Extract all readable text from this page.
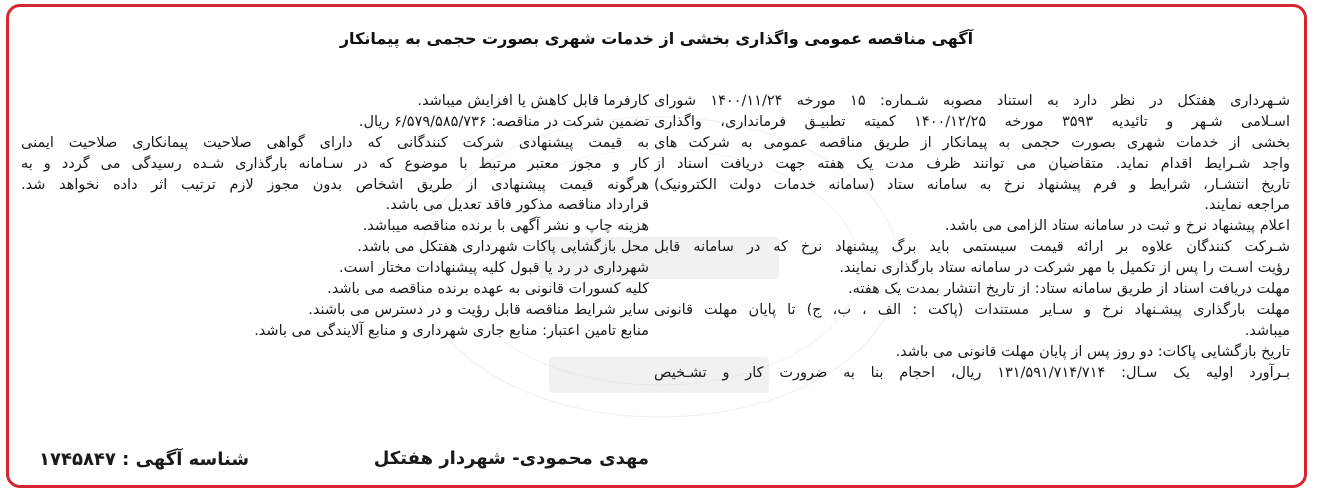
آگهی مناقصه عمومی واگذاری بخشی از خدمات شهری بصورت حجمی به پیمانکار
شـهرداری هفتکل در نظر دارد به استناد مصوبه شـماره: ۱۵ مورخه ۱۴۰۰/۱۱/۲۴ شورای
اسـلامی شـهر و تائیدیه ۳۵۹۳ مورخه ۱۴۰۰/۱۲/۲۵ کمیته تطبیـق فرمانداری، واگذاری
بخشی از خدمات شهری بصورت حجمی به پیمانکار از طریق مناقصه عمومی به شرکت های
واجد شـرایط اقدام نماید. متقاضیان می توانند ظرف مدت یک هفته جهت دریافت اسناد از
تاریخ انتشـار، شرایط و فرم پیشنهاد نرخ به سامانه ستاد (سامانه خدمات دولت الکترونیک)
مراجعه نمایند.
اعلام پیشنهاد نرخ و ثبت در سامانه ستاد الزامی می باشد.
شـرکت کنندگان علاوه بر ارائه قیمت سیستمی باید برگ پیشنهاد نرخ که در سامانه قابل
رؤیت اسـت را پس از تکمیل با مهر شرکت در سامانه ستاد بارگذاری نمایند.
مهلت دریافت اسناد از طریق سامانه ستاد: از تاریخ انتشار بمدت یک هفته.
مهلت بارگذاری پیشـنهاد نرخ و سـایر مستندات (پاکت : الف ، ب، ج) تا پایان مهلت قانونی
میباشد.
تاریخ بازگشایی پاکات: دو روز پس از پایان مهلت قانونی می باشد.
بـرآورد اولیه یک سـال: ۱۳۱/۵۹۱/۷۱۴/۷۱۴ ریال، احجام بنا به ضرورت کار و تشـخیص
کارفرما قابل کاهش یا افزایش میباشد.
تضمین شرکت در مناقصه: ۶/۵۷۹/۵۸۵/۷۳۶ ریال.
به قیمت پیشنهادی شرکت کنندگانی که دارای گواهی صلاحیت پیمانکاری صلاحیت ایمنی
کار و مجوز معتبر مرتبط با موضوع که در سـامانه بارگذاری شـده رسیدگی می گردد و به
هرگونه قیمت پیشنهادی از طریق اشخاص بدون مجوز لازم ترتیب اثر داده نخواهد شد.
قرارداد مناقصه مذکور فاقد تعدیل می باشد.
هزینه چاپ و نشر آگهی با برنده مناقصه میباشد.
محل بازگشایی پاکات شهرداری هفتکل می باشد.
شهرداری در رد یا قبول کلیه پیشنهادات مختار است.
کلیه کسورات قانونی به عهده برنده مناقصه می باشد.
سایر شرایط مناقصه قابل رؤیت و در دسترس می باشند.
منابع تامین اعتبار: منابع جاری شهرداری و منابع آلایندگی می باشد.
مهدی محمودی- شهردار هفتکل
شناسه آگهی : ۱۷۴۵۸۴۷
